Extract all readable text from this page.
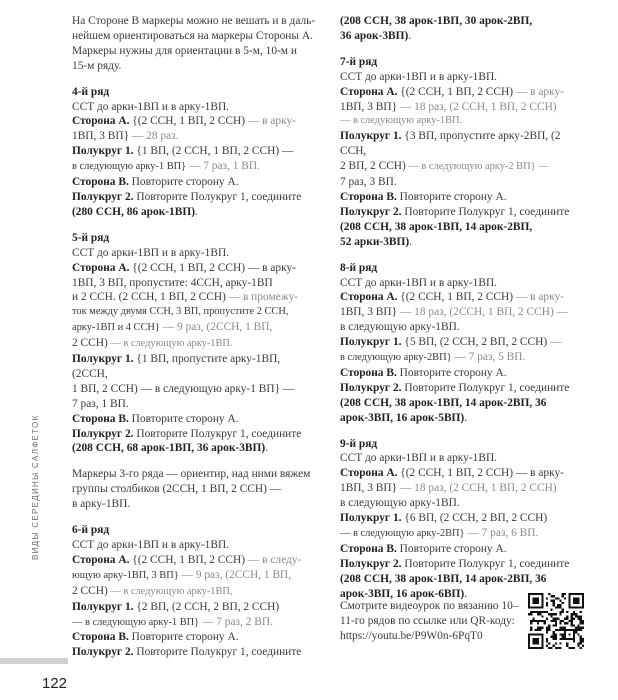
На Стороне В маркеры можно не вешать и в даль-
нейшем ориентироваться на маркеры Стороны А.
Маркеры нужны для ориентации в 5-м, 10-м и
15-м ряду.
4-й ряд
ССТ до арки-1ВП и в арку-1ВП.
Сторона А. {(2 ССН, 1 ВП, 2 ССН) — в арку-
1ВП, 3 ВП} — 28 раз.
Полукруг 1. {1 ВП, (2 ССН, 1 ВП, 2 ССН) —
в следующую арку-1 ВП} — 7 раз, 1 ВП.
Сторона В. Повторите сторону А.
Полукруг 2. Повторите Полукруг 1, соедините
(280 ССН, 86 арок-1ВП).
5-й ряд
ССТ до арки-1ВП и в арку-1ВП.
Сторона А. {(2 ССН, 1 ВП, 2 ССН) — в арку-
1ВП, 3 ВП, пропустите: 4ССН, арку-1ВП
и 2 ССН. (2 ССН, 1 ВП, 2 ССН) — в промежу-
ток между двумя ССН, 3 ВП, пропустите 2 ССН,
арку-1ВП и 4 ССН} — 9 раз, (2ССН, 1 ВП,
2 ССН) — в следующую арку-1ВП.
Полукруг 1. {1 ВП, пропустите арку-1ВП, (2ССН,
1 ВП, 2 ССН) — в следующую арку-1 ВП} —
7 раз, 1 ВП.
Сторона В. Повторите сторону А.
Полукруг 2. Повторите Полукруг 1, соедините
(208 ССН, 68 арок-1ВП, 36 арок-3ВП).
Маркеры 3-го ряда — ориентир, над ними вяжем
группы столбиков (2ССН, 1 ВП, 2 ССН) —
в арку-1ВП.
6-й ряд
ССТ до арки-1ВП и в арку-1ВП.
Сторона А. {(2 ССН, 1 ВП, 2 ССН) — в следу-
ющую арку-1ВП, 3 ВП} — 9 раз, (2ССН, 1 ВП,
2 ССН) — в следующую арку-1ВП,
Полукруг 1. {2 ВП, (2 ССН, 2 ВП, 2 ССН)
— в следующую арку-1 ВП} — 7 раз, 2 ВП.
Сторона В. Повторите сторону А.
Полукруг 2. Повторите Полукруг 1, соедините
(208 ССН, 38 арок-1ВП, 30 арок-2ВП,
36 арок-3ВП).
7-й ряд
ССТ до арки-1ВП и в арку-1ВП.
Сторона А. {(2 ССН, 1 ВП, 2 ССН) — в арку-
1ВП, 3 ВП} — 18 раз, (2 ССН, 1 ВП, 2 ССН)
— в следующую арку-1ВП.
Полукруг 1. {3 ВП, пропустите арку-2ВП, (2 ССН,
2 ВП, 2 ССН) — в следующую арку-2 ВП} —
7 раз, 3 ВП.
Сторона В. Повторите сторону А.
Полукруг 2. Повторите Полукруг 1, соедините
(208 ССН, 38 арок-1ВП, 14 арок-2ВП,
52 арки-3ВП).
8-й ряд
ССТ до арки-1ВП и в арку-1ВП.
Сторона А. {(2 ССН, 1 ВП, 2 ССН) — в арку-
1ВП, 3 ВП} — 18 раз, (2ССН, 1 ВП, 2 ССН) —
в следующую арку-1ВП.
Полукруг 1. {5 ВП, (2 ССН, 2 ВП, 2 ССН) —
в следующую арку-2ВП} — 7 раз, 5 ВП.
Сторона В. Повторите сторону А.
Полукруг 2. Повторите Полукруг 1, соедините
(208 ССН, 38 арок-1ВП, 14 арок-2ВП, 36
арок-3ВП, 16 арок-5ВП).
9-й ряд
ССТ до арки-1ВП и в арку-1ВП.
Сторона А. {(2 ССН, 1 ВП, 2 ССН) — в арку-
1ВП, 3 ВП} — 18 раз, (2 ССН, 1 ВП, 2 ССН)
в следующую арку-1ВП.
Полукруг 1. {6 ВП, (2 ССН, 2 ВП, 2 ССН)
— в следующую арку-2ВП} — 7 раз, 6 ВП.
Сторона В. Повторите сторону А.
Полукруг 2. Повторите Полукруг 1, соедините
(208 ССН, 38 арок-1ВП, 14 арок-2ВП, 36
арок-3ВП, 16 арок-6ВП).
Смотрите видеоурок по вязанию 10–
11-го рядов по ссылке или QR-коду:
https://youtu.be/P9W0n-6PqT0
ВИДЫ СЕРЕДИНЫ САЛФЕТОК
122
